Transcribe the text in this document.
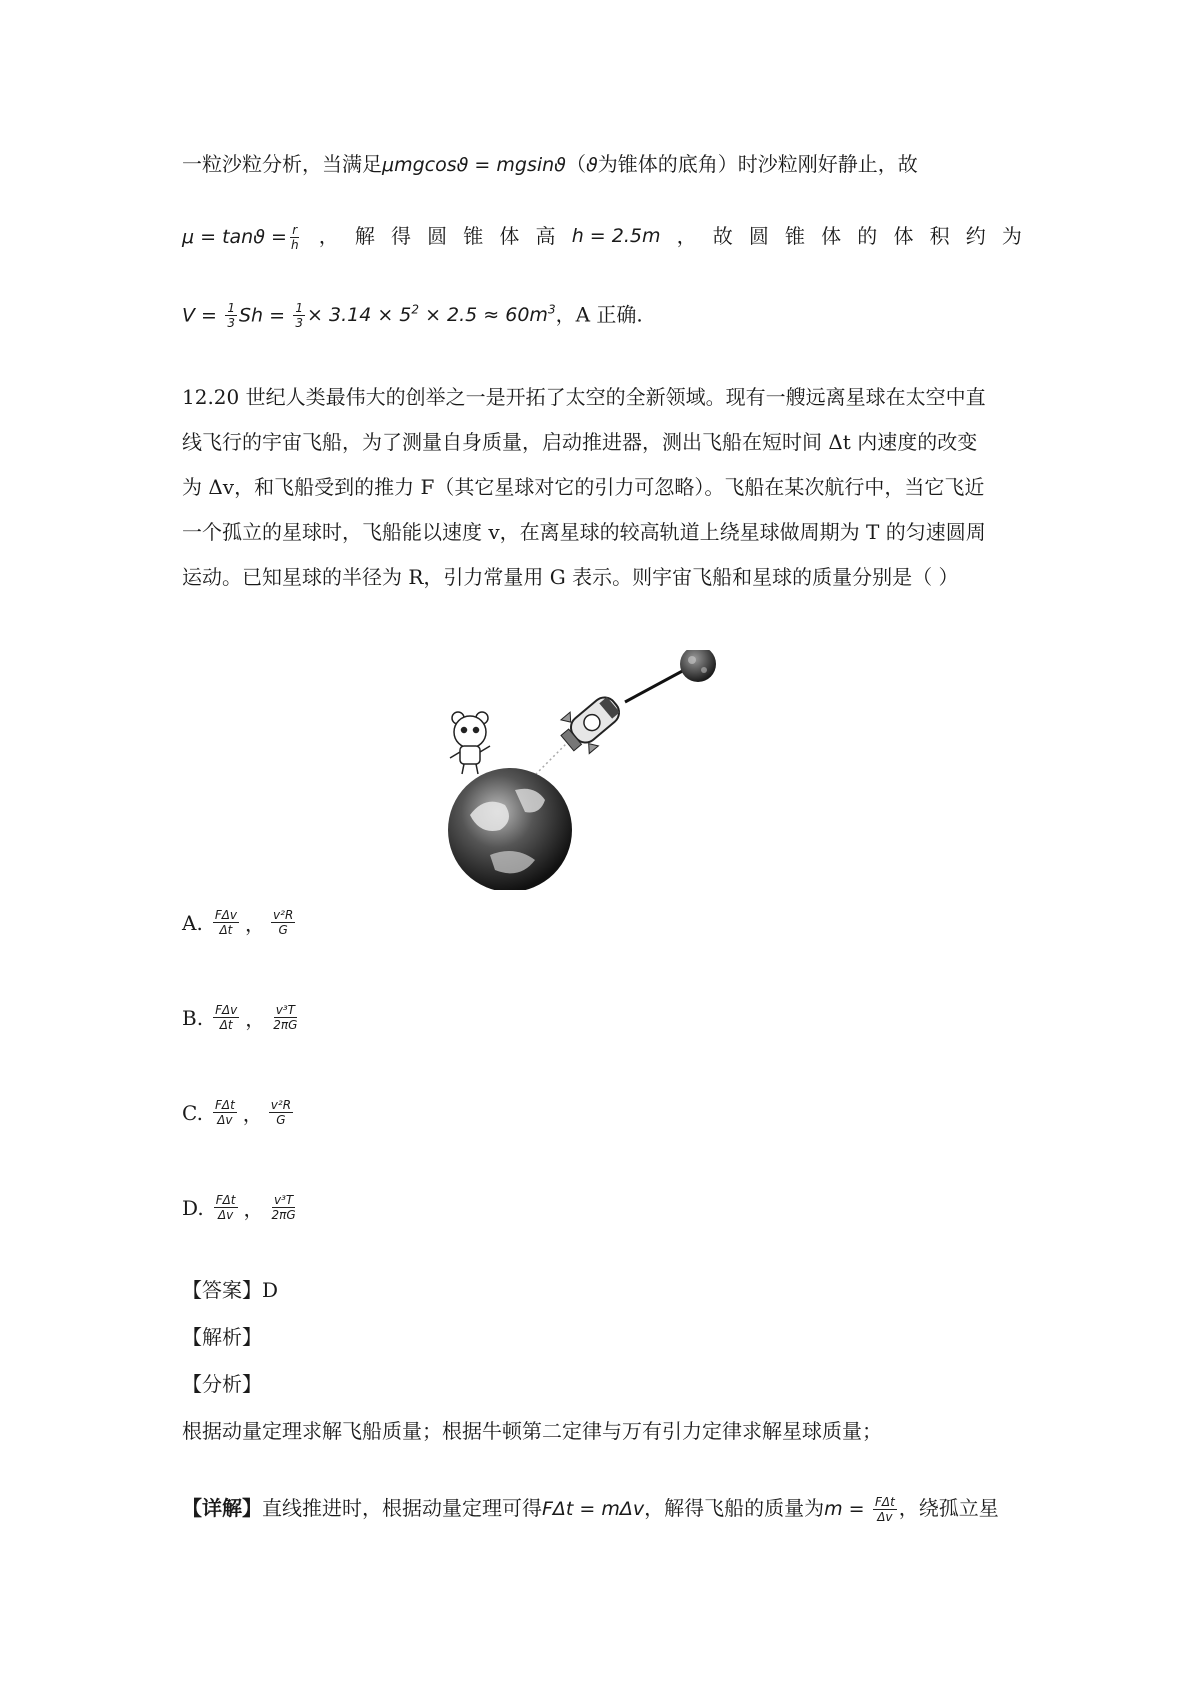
一粒沙粒分析，当满足μmgcosϑ = mgsinϑ（ϑ为锥体的底角）时沙粒刚好静止，故
$\mu = \tan ϑ = \frac{r}{h}$ ， 解 得 圆 锥 体 高 h = 2.5m ， 故 圆 锥 体 的 体 积 约 为
$V = \frac{1}{3}$ $Sh = \frac{1}{3} \times 3.14 \times 5^2 \times 2.5 \approx 60m^3$，A 正确.
12.20 世纪人类最伟大的创举之一是开拓了太空的全新领域。现有一艘远离星球在太空中直
线飞行的宇宙飞船，为了测量自身质量，启动推进器，测出飞船在短时间 Δt 内速度的改变
为 Δv，和飞船受到的推力 F（其它星球对它的引力可忽略）。飞船在某次航行中，当它飞近
一个孤立的星球时，飞船能以速度 v，在离星球的较高轨道上绕星球做周期为 T 的匀速圆周
运动。已知星球的半径为 R，引力常量用 G 表示。则宇宙飞船和星球的质量分别是（ ）
A. $\frac{\text{FΔv}}{\Delta t}$ ， $\frac{\text{v²R}}{G}$
B. $\frac{\text{FΔv}}{\Delta t}$ ， $\frac{\text{v³T}}{2\pi G}$
C. $\frac{\text{FΔt}}{\Delta v}$ ， $\frac{\text{v²R}}{G}$
D. $\frac{\text{FΔt}}{\Delta v}$ ， $\frac{\text{v³T}}{2\pi G}$
【答案】D
【解析】
【分析】
根据动量定理求解飞船质量；根据牛顿第二定律与万有引力定律求解星球质量；
【详解】直线推进时，根据动量定理可得FΔt = mΔv，解得飞船的质量为$m = \frac{\text{FΔt}}{\Delta v}$ ，绕孤立星
